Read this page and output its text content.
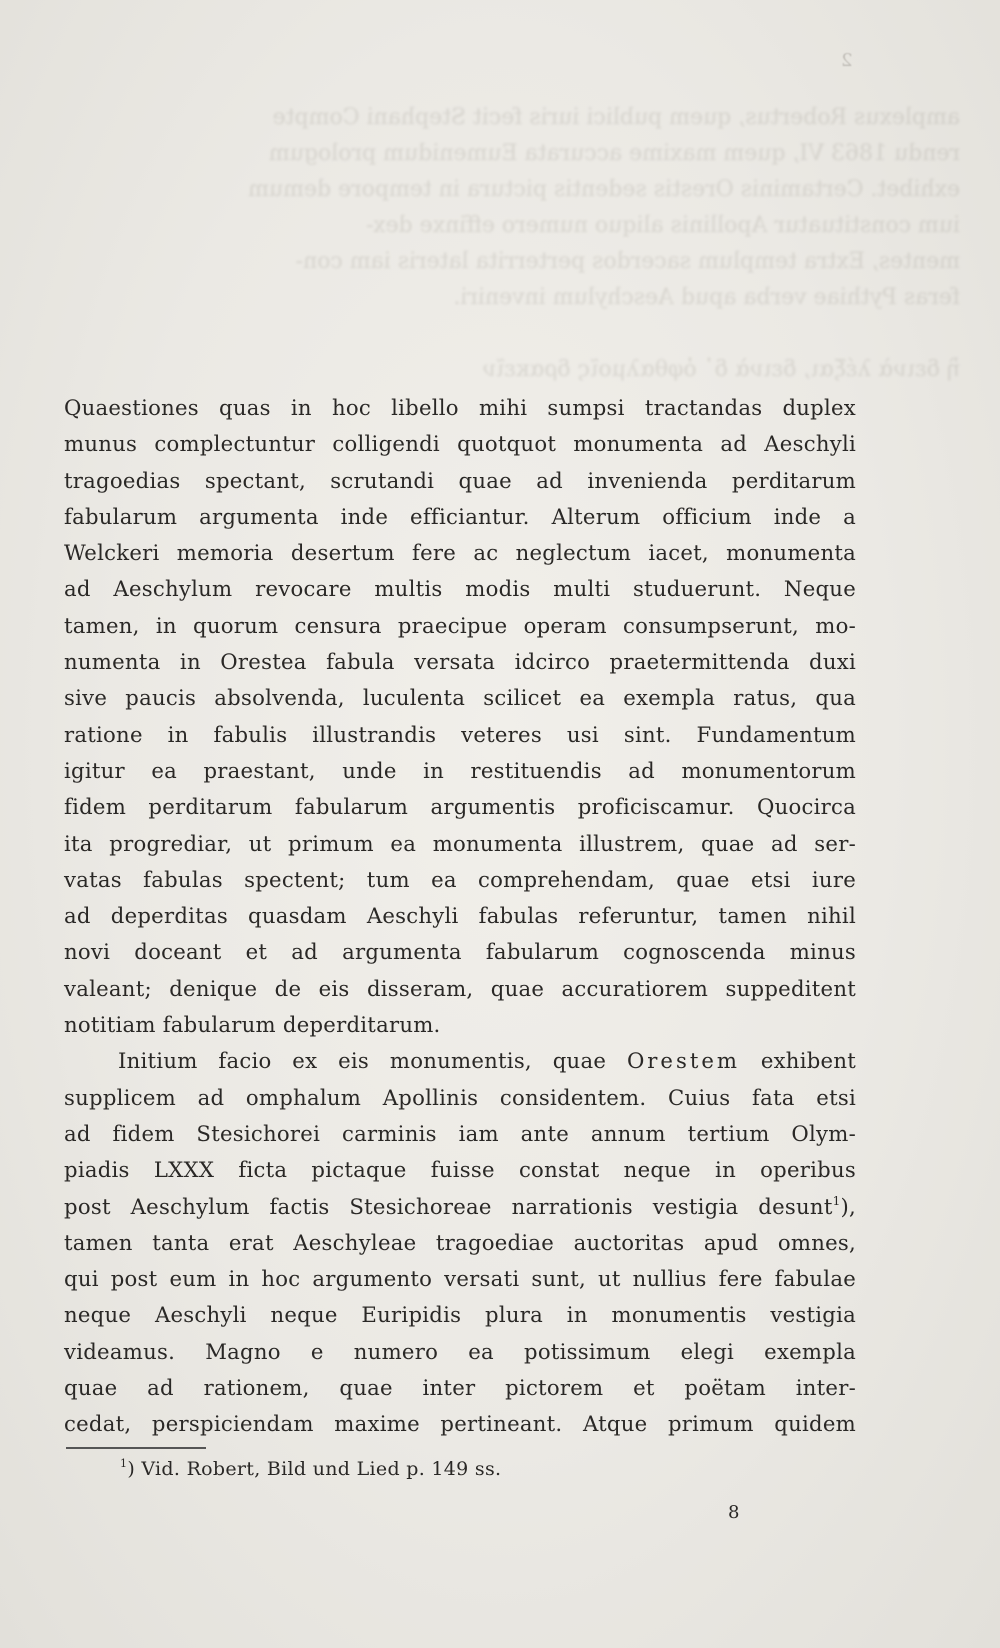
2
amplexus Robertus, quem publici iuris fecit Stephani Compte
rendu 1863 VI, quem maxime accurata Eumenidum prologum
exhibet. Certaminis Orestis sedentis pictura in tempore demum
ium constituatur Apollinis aliquo numero effinxe dex-
mentes, Extra templum sacerdos perterrita lateris iam con-
feras Pythiae verba apud Aeschylum inveniri.
ἢ δεινὰ λέξαι, δεινὰ δ᾽ ὀφθαλμοῖς δρακεῖν
Quaestiones quas in hoc libello mihi sumpsi tractandas duplex
munus complectuntur colligendi quotquot monumenta ad Aeschyli
tragoedias spectant, scrutandi quae ad invenienda perditarum
fabularum argumenta inde efficiantur. Alterum officium inde a
Welckeri memoria desertum fere ac neglectum iacet, monumenta
ad Aeschylum revocare multis modis multi studuerunt. Neque
tamen, in quorum censura praecipue operam consumpserunt, mo-
numenta in Orestea fabula versata idcirco praetermittenda duxi
sive paucis absolvenda, luculenta scilicet ea exempla ratus, qua
ratione in fabulis illustrandis veteres usi sint. Fundamentum
igitur ea praestant, unde in restituendis ad monumentorum
fidem perditarum fabularum argumentis proficiscamur. Quocirca
ita progrediar, ut primum ea monumenta illustrem, quae ad ser-
vatas fabulas spectent; tum ea comprehendam, quae etsi iure
ad deperditas quasdam Aeschyli fabulas referuntur, tamen nihil
novi doceant et ad argumenta fabularum cognoscenda minus
valeant; denique de eis disseram, quae accuratiorem suppeditent
notitiam fabularum deperditarum.
Initium facio ex eis monumentis, quae Orestem exhibent
supplicem ad omphalum Apollinis considentem. Cuius fata etsi
ad fidem Stesichorei carminis iam ante annum tertium Olym-
piadis LXXX ficta pictaque fuisse constat neque in operibus
post Aeschylum factis Stesichoreae narrationis vestigia desunt$^1$),
tamen tanta erat Aeschyleae tragoediae auctoritas apud omnes,
qui post eum in hoc argumento versati sunt, ut nullius fere fabulae
neque Aeschyli neque Euripidis plura in monumentis vestigia
videamus. Magno e numero ea potissimum elegi exempla
quae ad rationem, quae inter pictorem et poëtam inter-
cedat, perspiciendam maxime pertineant. Atque primum quidem
$^1$) Vid. Robert, Bild und Lied p. 149 ss.
8
